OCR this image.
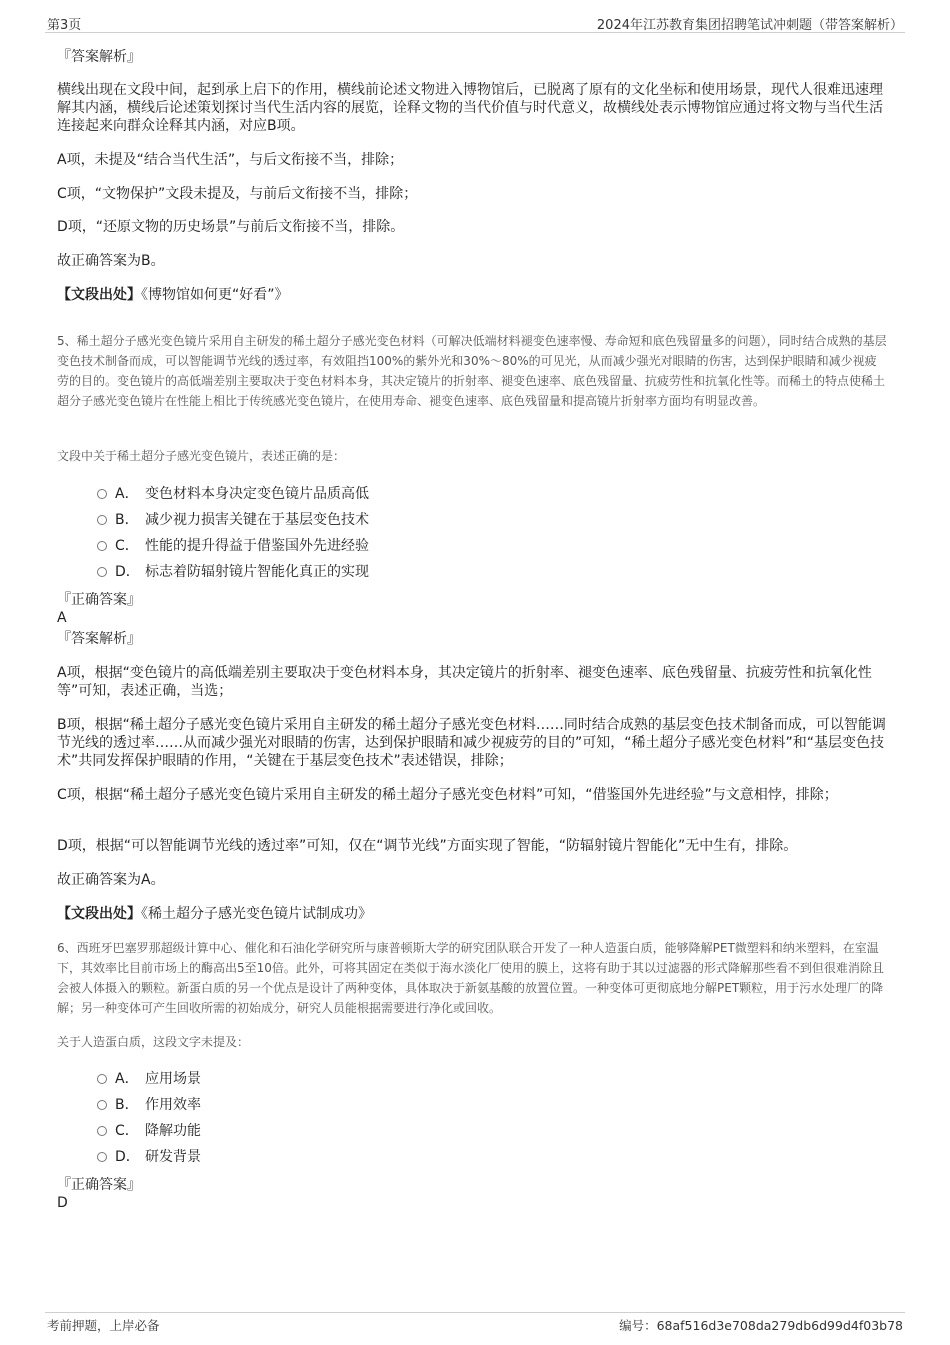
第3页	2024年江苏教育集团招聘笔试冲刺题（带答案解析）

『答案解析』

横线出现在文段中间，起到承上启下的作用，横线前论述文物进入博物馆后，已脱离了原有的文化坐标和使用场景，现代人很难迅速理解其内涵，横线后论述策划探讨当代生活内容的展览，诠释文物的当代价值与时代意义，故横线处表示博物馆应通过将文物与当代生活连接起来向群众诠释其内涵，对应B项。

A项，未提及“结合当代生活”，与后文衔接不当，排除；

C项，“文物保护”文段未提及，与前后文衔接不当，排除；

D项，“还原文物的历史场景”与前后文衔接不当，排除。

故正确答案为B。

【文段出处】《博物馆如何更“好看”》

5、稀土超分子感光变色镜片采用自主研发的稀土超分子感光变色材料（可解决低端材料褪变色速率慢、寿命短和底色残留量多的问题），同时结合成熟的基层变色技术制备而成，可以智能调节光线的透过率，有效阻挡100%的紫外光和30%～80%的可见光，从而减少强光对眼睛的伤害，达到保护眼睛和减少视疲劳的目的。变色镜片的高低端差别主要取决于变色材料本身，其决定镜片的折射率、褪变色速率、底色残留量、抗疲劳性和抗氧化性等。而稀土的特点使稀土超分子感光变色镜片在性能上相比于传统感光变色镜片，在使用寿命、褪变色速率、底色残留量和提高镜片折射率方面均有明显改善。

文段中关于稀土超分子感光变色镜片，表述正确的是：

A． 变色材料本身决定变色镜片品质高低
B． 减少视力损害关键在于基层变色技术
C． 性能的提升得益于借鉴国外先进经验
D． 标志着防辐射镜片智能化真正的实现

『正确答案』

A

『答案解析』

A项，根据“变色镜片的高低端差别主要取决于变色材料本身，其决定镜片的折射率、褪变色速率、底色残留量、抗疲劳性和抗氧化性等”可知，表述正确，当选；

B项，根据“稀土超分子感光变色镜片采用自主研发的稀土超分子感光变色材料……同时结合成熟的基层变色技术制备而成，可以智能调节光线的透过率……从而减少强光对眼睛的伤害，达到保护眼睛和减少视疲劳的目的”可知，“稀土超分子感光变色材料”和“基层变色技术”共同发挥保护眼睛的作用，“关键在于基层变色技术”表述错误，排除；

C项，根据“稀土超分子感光变色镜片采用自主研发的稀土超分子感光变色材料”可知，“借鉴国外先进经验”与文意相悖，排除；

D项，根据“可以智能调节光线的透过率”可知，仅在“调节光线”方面实现了智能，“防辐射镜片智能化”无中生有，排除。

故正确答案为A。

【文段出处】《稀土超分子感光变色镜片试制成功》

6、西班牙巴塞罗那超级计算中心、催化和石油化学研究所与康普顿斯大学的研究团队联合开发了一种人造蛋白质，能够降解PET微塑料和纳米塑料，在室温下，其效率比目前市场上的酶高出5至10倍。此外，可将其固定在类似于海水淡化厂使用的膜上，这将有助于其以过滤器的形式降解那些看不到但很难消除且会被人体摄入的颗粒。新蛋白质的另一个优点是设计了两种变体，具体取决于新氨基酸的放置位置。一种变体可更彻底地分解PET颗粒，用于污水处理厂的降解；另一种变体可产生回收所需的初始成分，研究人员能根据需要进行净化或回收。

关于人造蛋白质，这段文字未提及：

A． 应用场景
B． 作用效率
C． 降解功能
D． 研发背景

『正确答案』

D

考前押题，上岸必备	编号：68af516d3e708da279db6d99d4f03b78
